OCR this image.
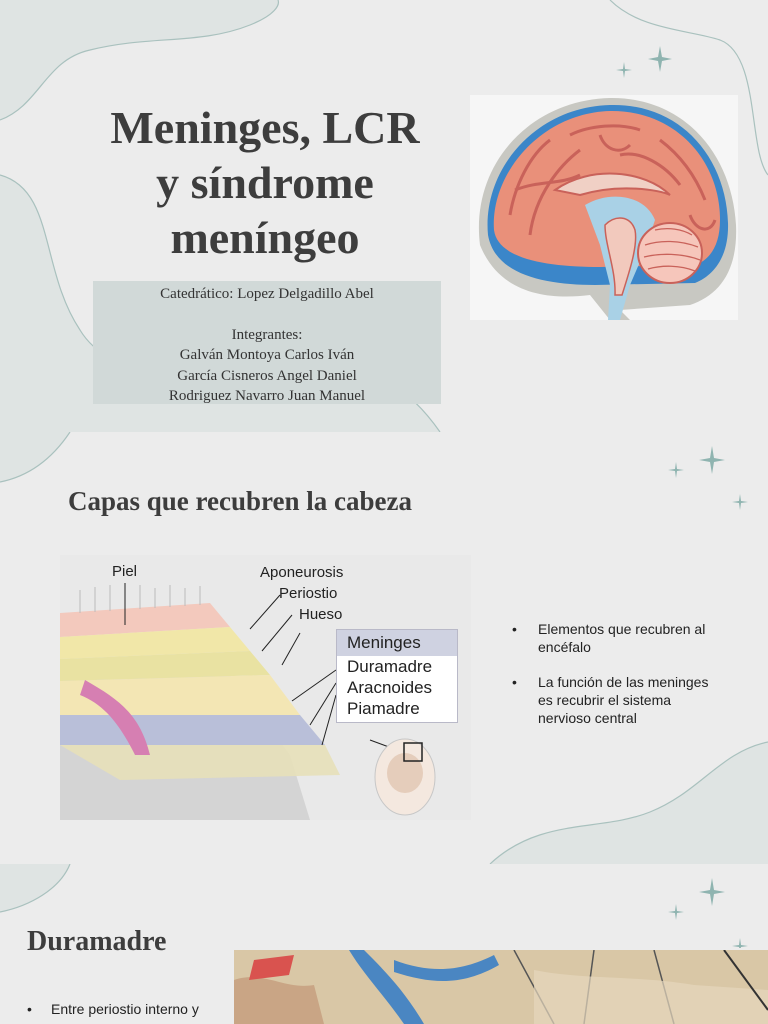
Meninges, LCR
y síndrome
meníngeo
Catedrático: Lopez Delgadillo Abel
Integrantes:
Galván Montoya Carlos Iván
García Cisneros Angel Daniel
Rodriguez Navarro Juan Manuel
Capas que recubren la cabeza
Piel	Aponeurosis
Periostio
Hueso
Meninges
Duramadre
Aracnoides
Piamadre
• Elementos que recubren al encéfalo
• La función de las meninges es recubrir el sistema nervioso central
Duramadre
• Entre periostio interno y
